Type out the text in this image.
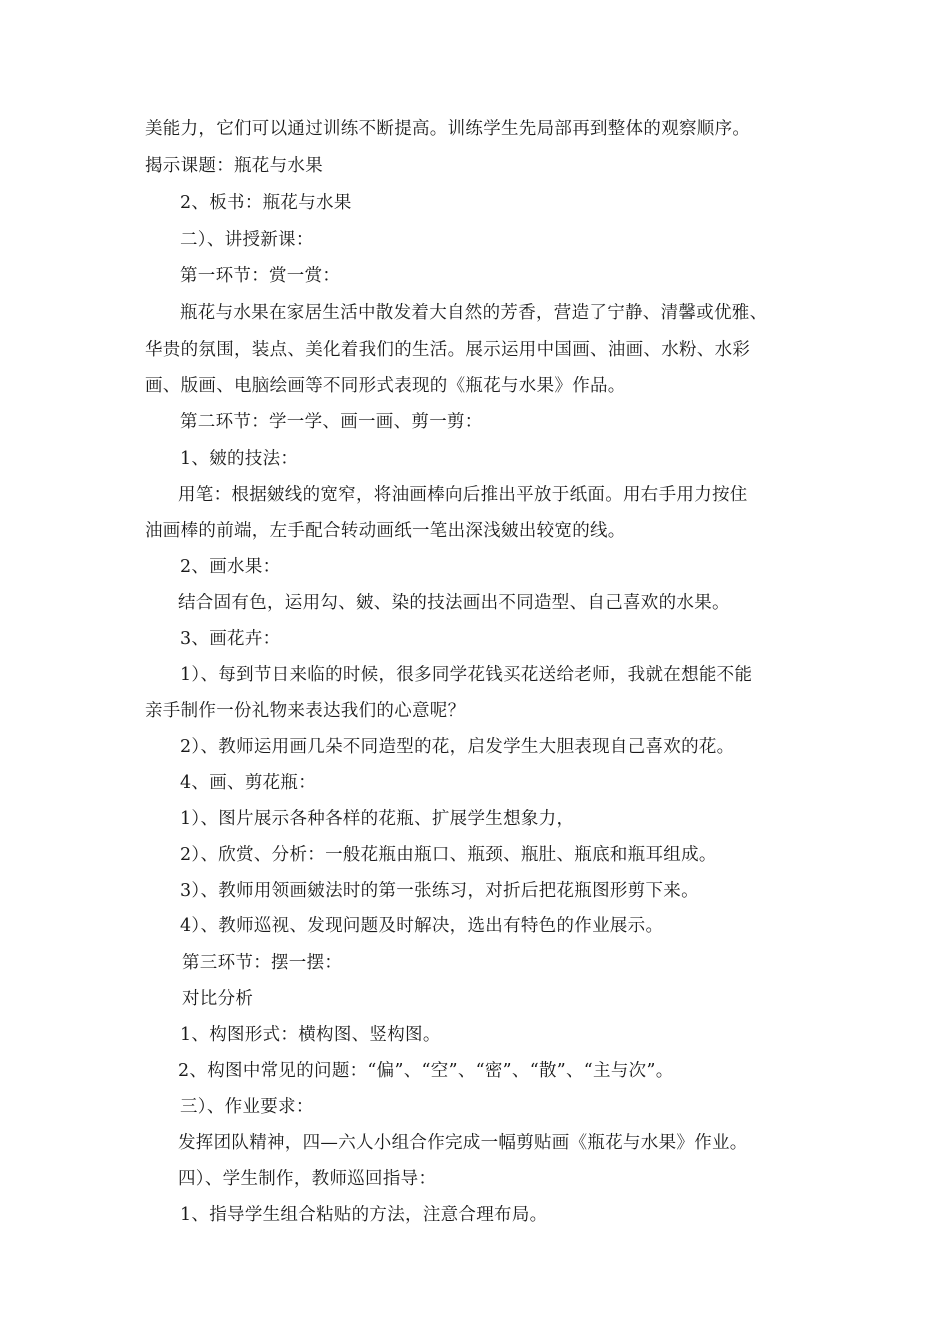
美能力，它们可以通过训练不断提高。训练学生先局部再到整体的观察顺序。
揭示课题：瓶花与水果
2、板书：瓶花与水果
二）、讲授新课：
第一环节：赏一赏：
瓶花与水果在家居生活中散发着大自然的芳香，营造了宁静、清馨或优雅、
华贵的氛围，装点、美化着我们的生活。展示运用中国画、油画、水粉、水彩
画、版画、电脑绘画等不同形式表现的《瓶花与水果》作品。
第二环节：学一学、画一画、剪一剪：
1、皴的技法：
用笔：根据皴线的宽窄，将油画棒向后推出平放于纸面。用右手用力按住
油画棒的前端，左手配合转动画纸一笔出深浅皴出较宽的线。
2、画水果：
结合固有色，运用勾、皴、染的技法画出不同造型、自己喜欢的水果。
3、画花卉：
1）、每到节日来临的时候，很多同学花钱买花送给老师，我就在想能不能
亲手制作一份礼物来表达我们的心意呢？
2）、教师运用画几朵不同造型的花，启发学生大胆表现自己喜欢的花。
4、画、剪花瓶：
1）、图片展示各种各样的花瓶、扩展学生想象力，
2）、欣赏、分析：一般花瓶由瓶口、瓶颈、瓶肚、瓶底和瓶耳组成。
3）、教师用领画皴法时的第一张练习，对折后把花瓶图形剪下来。
4）、教师巡视、发现问题及时解决，选出有特色的作业展示。
第三环节：摆一摆：
对比分析
1、构图形式：横构图、竖构图。
2、构图中常见的问题：“偏”、“空”、“密”、“散”、“主与次”。
三）、作业要求：
发挥团队精神，四—六人小组合作完成一幅剪贴画《瓶花与水果》作业。
四）、学生制作，教师巡回指导：
1、指导学生组合粘贴的方法，注意合理布局。
